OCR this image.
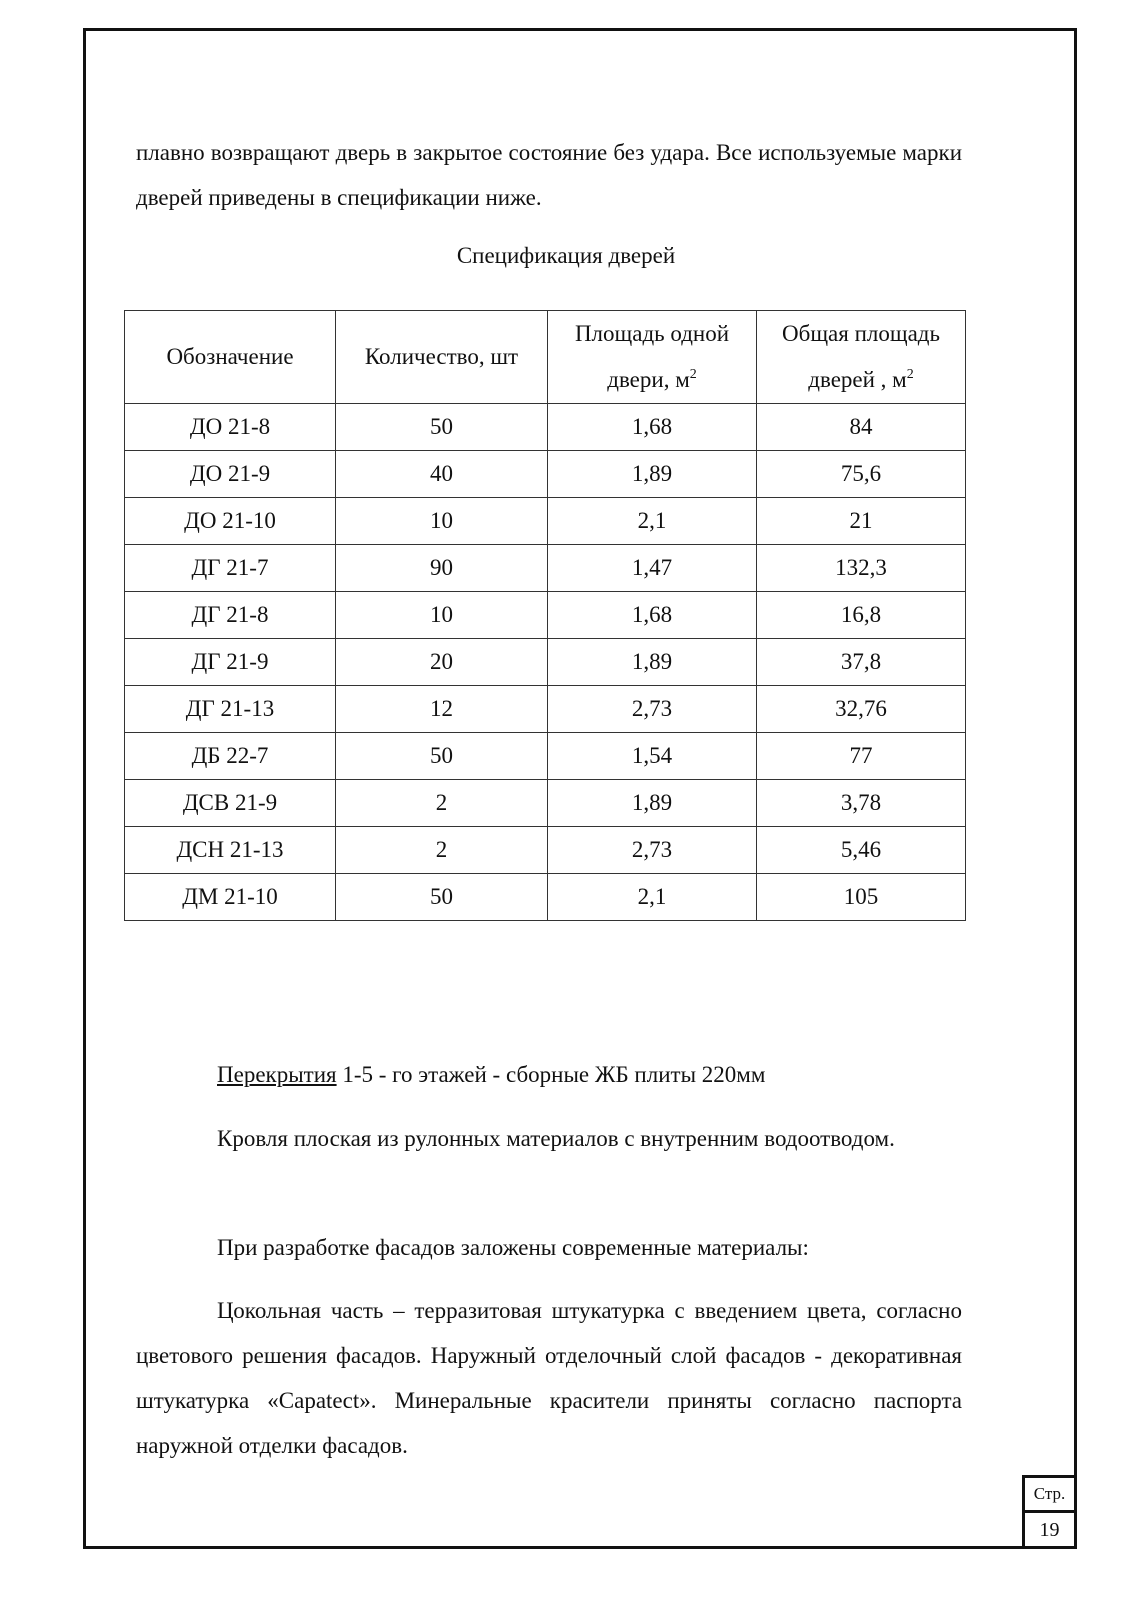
плавно возвращают дверь в закрытое состояние без удара. Все используемые марки дверей приведены в спецификации ниже.

Спецификация дверей
Обозначение	Количество, шт	Площадь одной двери, $м^2$	Общая площадь дверей , $м^2$
ДО 21-8	50	1,68	84
ДО 21-9	40	1,89	75,6
ДО 21-10	10	2,1	21
ДГ 21-7	90	1,47	132,3
ДГ 21-8	10	1,68	16,8
ДГ 21-9	20	1,89	37,8
ДГ 21-13	12	2,73	32,76
ДБ 22-7	50	1,54	77
ДСВ 21-9	2	1,89	3,78
ДСН 21-13	2	2,73	5,46
ДМ 21-10	50	2,1	105

Перекрытия 1-5 - го этажей - сборные ЖБ плиты 220мм

Кровля плоская из рулонных материалов с внутренним водоотводом.

При разработке фасадов заложены современные материалы:

Цокольная часть – терразитовая штукатурка с введением цвета, согласно цветового решения фасадов. Наружный отделочный слой фасадов - декоративная штукатурка «Capatect». Минеральные красители приняты согласно паспорта наружной отделки фасадов.

Стр.
19
